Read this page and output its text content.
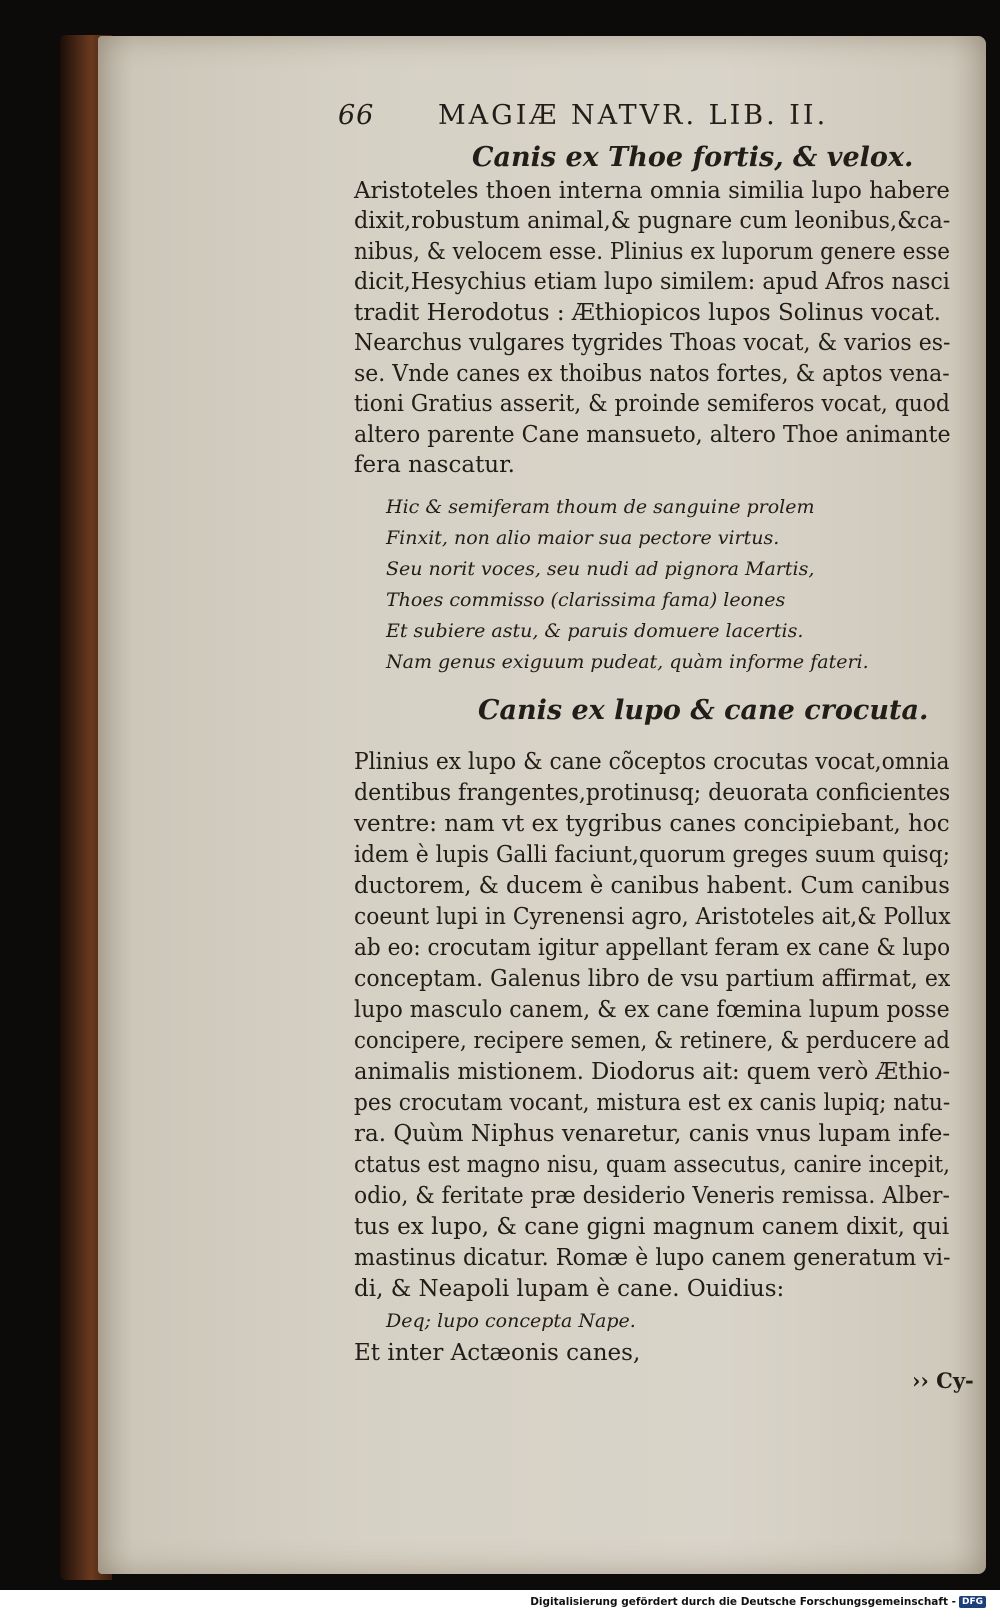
66 MAGIÆ NATVR. LIB. II.
Canis ex Thoe fortis, & velox.
Aristoteles thoen interna omnia similia lupo habere
dixit,robustum animal,& pugnare cum leonibus,&ca-
nibus, & velocem esse. Plinius ex luporum genere esse
dicit,Hesychius etiam lupo similem: apud Afros nasci
tradit Herodotus : Æthiopicos lupos Solinus vocat.
Nearchus vulgares tygrides Thoas vocat, & varios es-
se. Vnde canes ex thoibus natos fortes, & aptos vena-
tioni Gratius asserit, & proinde semiferos vocat, quod
altero parente Cane mansueto, altero Thoe animante
fera nascatur.
Hic & semiferam thoum de sanguine prolem
Finxit, non alio maior sua pectore virtus.
Seu norit voces, seu nudi ad pignora Martis,
Thoes commisso (clarissima fama) leones
Et subiere astu, & paruis domuere lacertis.
Nam genus exiguum pudeat, quàm informe fateri.
Canis ex lupo & cane crocuta.
Plinius ex lupo & cane cõceptos crocutas vocat,omnia
dentibus frangentes,protinusq; deuorata conficientes
ventre: nam vt ex tygribus canes concipiebant, hoc
idem è lupis Galli faciunt,quorum greges suum quisq;
ductorem, & ducem è canibus habent. Cum canibus
coeunt lupi in Cyrenensi agro, Aristoteles ait,& Pollux
ab eo: crocutam igitur appellant feram ex cane & lupo
conceptam. Galenus libro de vsu partium affirmat, ex
lupo masculo canem, & ex cane fœmina lupum posse
concipere, recipere semen, & retinere, & perducere ad
animalis mistionem. Diodorus ait: quem verò Æthio-
pes crocutam vocant, mistura est ex canis lupiq; natu-
ra. Quùm Niphus venaretur, canis vnus lupam infe-
ctatus est magno nisu, quam assecutus, canire incepit,
odio, & feritate præ desiderio Veneris remissa. Alber-
tus ex lupo, & cane gigni magnum canem dixit, qui
mastinus dicatur. Romæ è lupo canem generatum vi-
di, & Neapoli lupam è cane. Ouidius:
Deq; lupo concepta Nape.
Et inter Actæonis canes,
›› Cy-
Digitalisierung gefördert durch die Deutsche Forschungsgemeinschaft - DFG
